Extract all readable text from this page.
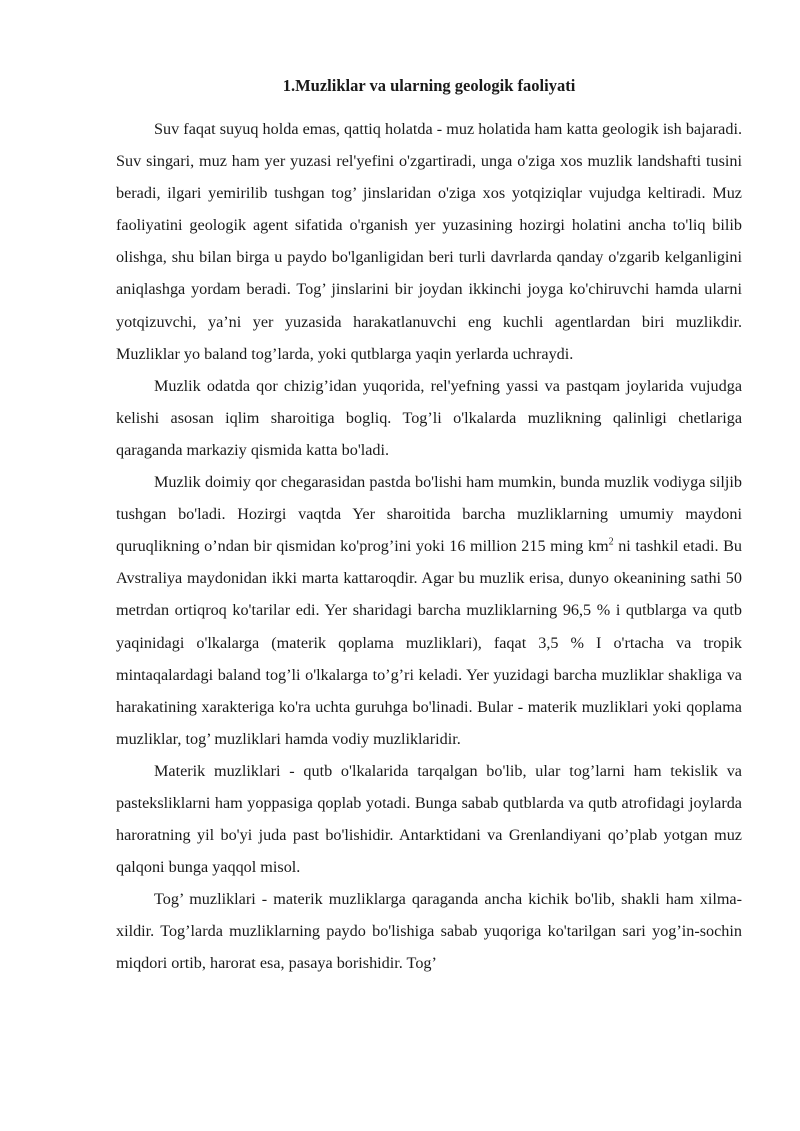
1.Muzliklar va ularning geologik faoliyati

Suv faqat suyuq holda emas, qattiq holatda - muz holatida ham katta geologik ish bajaradi. Suv singari, muz ham yer yuzasi rel'yefini o'zgartiradi, unga o'ziga xos muzlik landshafti tusini beradi, ilgari yemirilib tushgan tog’ jinslaridan o'ziga xos yotqiziqlar vujudga keltiradi. Muz faoliyatini geologik agent sifatida o'rganish yer yuzasining hozirgi holatini ancha to'liq bilib olishga, shu bilan birga u paydo bo'lganligidan beri turli davrlarda qanday o'zgarib kelganligini aniqlashga yordam beradi. Tog’ jinslarini bir joydan ikkinchi joyga ko'chiruvchi hamda ularni yotqizuvchi, ya’ni yer yuzasida harakatlanuvchi eng kuchli agentlardan biri muzlikdir. Muzliklar yo baland tog’larda, yoki qutblarga yaqin yerlarda uchraydi.

Muzlik odatda qor chizig’idan yuqorida, rel'yefning yassi va pastqam joylarida vujudga kelishi asosan iqlim sharoitiga bogliq. Tog’li o'lkalarda muzlikning qalinligi chetlariga qaraganda markaziy qismida katta bo'ladi.

Muzlik doimiy qor chegarasidan pastda bo'lishi ham mumkin, bunda muzlik vodiyga siljib tushgan bo'ladi. Hozirgi vaqtda Yer sharoitida barcha muzliklarning umumiy maydoni quruqlikning o’ndan bir qismidan ko'prog’ini yoki 16 million 215 ming $km^2$ ni tashkil etadi. Bu Avstraliya maydonidan ikki marta kattaroqdir. Agar bu muzlik erisa, dunyo okeanining sathi 50 metrdan ortiqroq ko'tarilar edi. Yer sharidagi barcha muzliklarning 96,5 % i qutblarga va qutb yaqinidagi o'lkalarga (materik qoplama muzliklari), faqat 3,5 % I o'rtacha va tropik mintaqalardagi baland tog’li o'lkalarga to’g’ri keladi. Yer yuzidagi barcha muzliklar shakliga va harakatining xarakteriga ko'ra uchta guruhga bo'linadi. Bular - materik muzliklari yoki qoplama muzliklar, tog’ muzliklari hamda vodiy muzliklaridir.

Materik muzliklari - qutb o'lkalarida tarqalgan bo'lib, ular tog’larni ham tekislik va pasteksliklarni ham yoppasiga qoplab yotadi. Bunga sabab qutblarda va qutb atrofidagi joylarda haroratning yil bo'yi juda past bo'lishidir. Antarktidani va Grenlandiyani qo’plab yotgan muz qalqoni bunga yaqqol misol.

Tog’ muzliklari - materik muzliklarga qaraganda ancha kichik bo'lib, shakli ham xilma-xildir. Tog’larda muzliklarning paydo bo'lishiga sabab yuqoriga ko'tarilgan sari yog’in-sochin miqdori ortib, harorat esa, pasaya borishidir. Tog’
